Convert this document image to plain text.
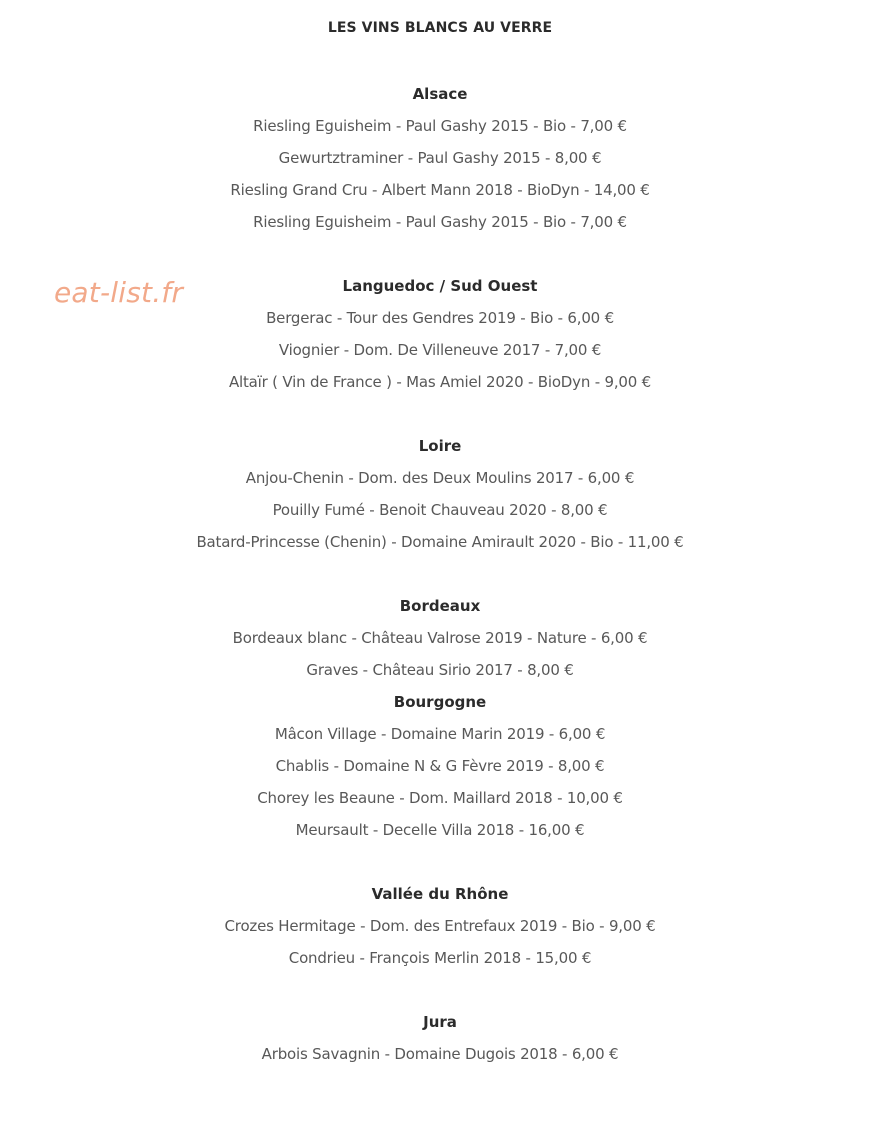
LES VINS BLANCS AU VERRE
eat-list.fr
Alsace
Riesling Eguisheim - Paul Gashy 2015 - Bio - 7,00 €
Gewurtztraminer - Paul Gashy 2015 - 8,00 €
Riesling Grand Cru - Albert Mann 2018 - BioDyn - 14,00 €
Riesling Eguisheim - Paul Gashy 2015 - Bio - 7,00 €
Languedoc / Sud Ouest
Bergerac - Tour des Gendres 2019 - Bio - 6,00 €
Viognier - Dom. De Villeneuve 2017 - 7,00 €
Altaïr ( Vin de France ) - Mas Amiel 2020 - BioDyn - 9,00 €
Loire
Anjou-Chenin - Dom. des Deux Moulins 2017 - 6,00 €
Pouilly Fumé - Benoit Chauveau 2020 - 8,00 €
Batard-Princesse (Chenin) - Domaine Amirault 2020 - Bio - 11,00 €
Bordeaux
Bordeaux blanc - Château Valrose 2019 - Nature - 6,00 €
Graves - Château Sirio 2017 - 8,00 €
Bourgogne
Mâcon Village - Domaine Marin 2019 - 6,00 €
Chablis - Domaine N & G Fèvre 2019 - 8,00 €
Chorey les Beaune - Dom. Maillard 2018 - 10,00 €
Meursault - Decelle Villa 2018 - 16,00 €
Vallée du Rhône
Crozes Hermitage - Dom. des Entrefaux 2019 - Bio - 9,00 €
Condrieu - François Merlin 2018 - 15,00 €
Jura
Arbois Savagnin - Domaine Dugois 2018 - 6,00 €
